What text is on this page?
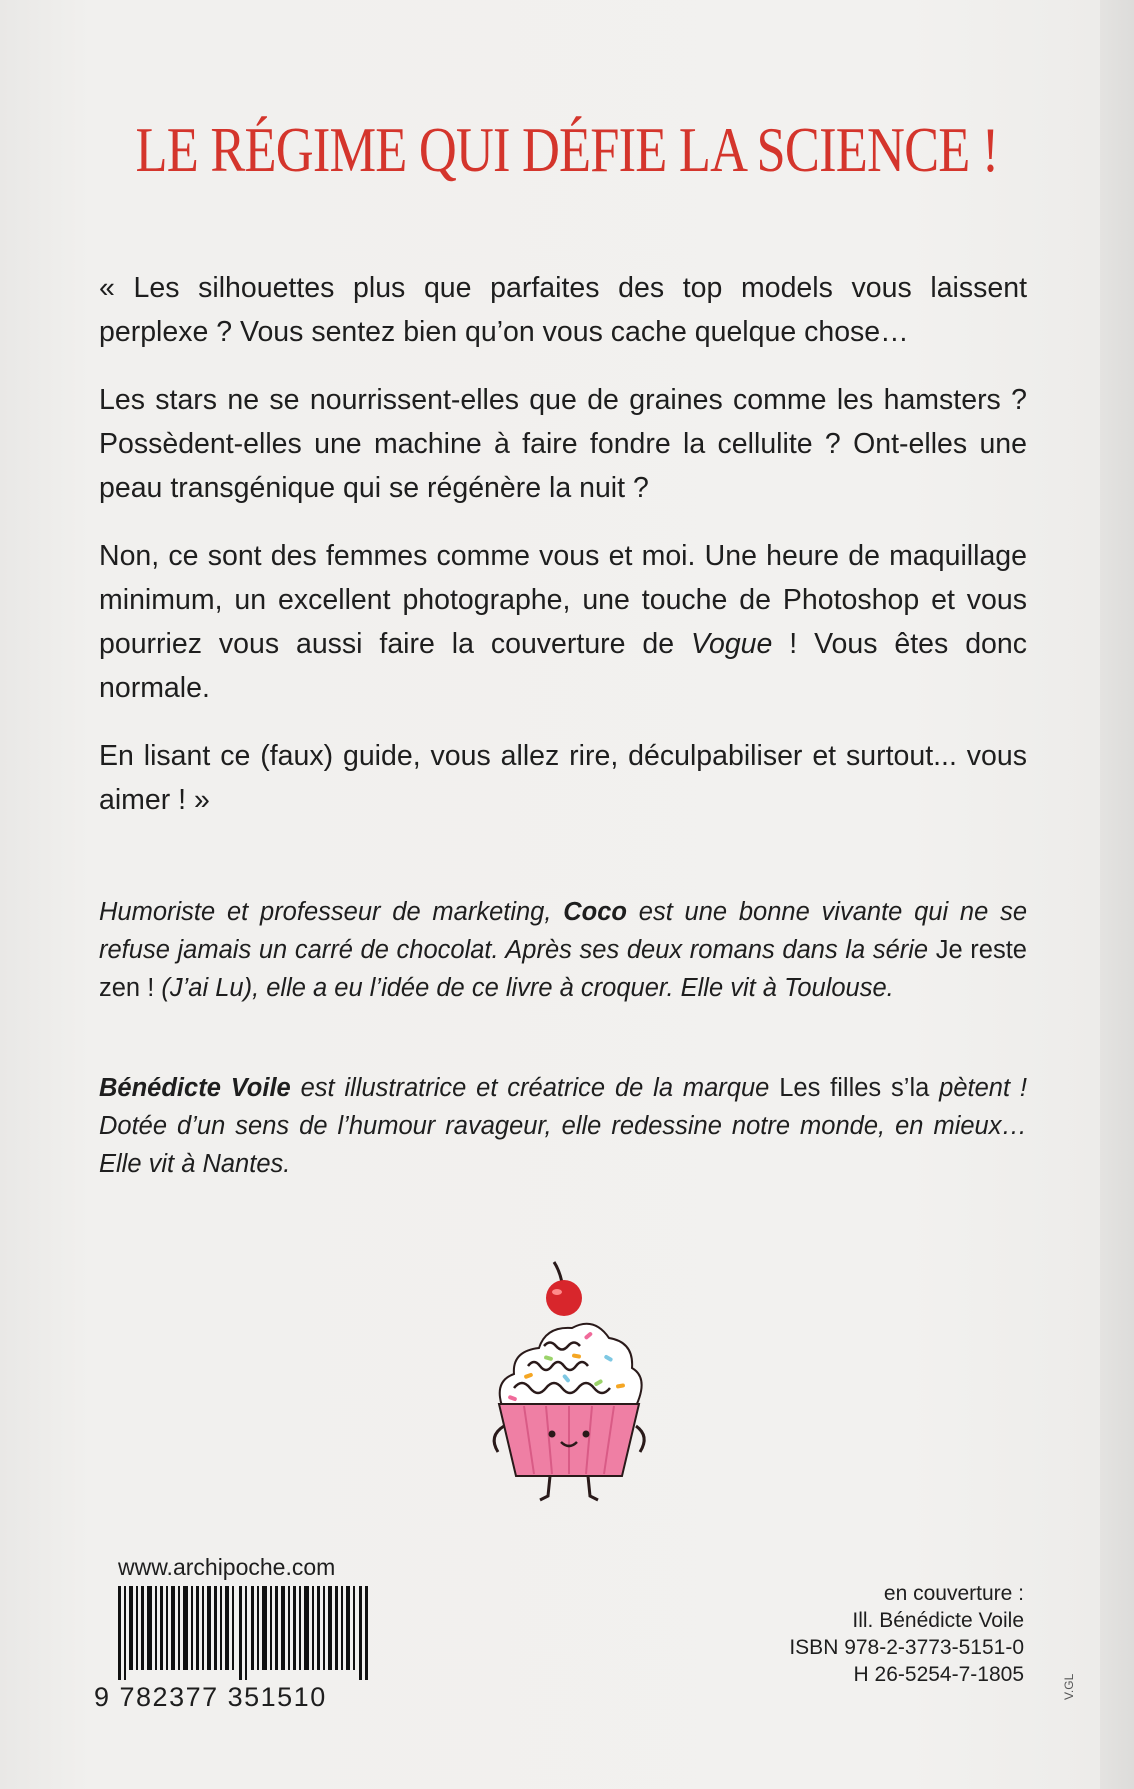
LE RÉGIME QUI DÉFIE LA SCIENCE !

« Les silhouettes plus que parfaites des top models vous laissent perplexe ? Vous sentez bien qu’on vous cache quelque chose…

Les stars ne se nourrissent-elles que de graines comme les hamsters ? Possèdent-elles une machine à faire fondre la cellulite ? Ont-elles une peau transgénique qui se régénère la nuit ?

Non, ce sont des femmes comme vous et moi. Une heure de maquillage minimum, un excellent photographe, une touche de Photoshop et vous pourriez vous aussi faire la couverture de Vogue ! Vous êtes donc normale.

En lisant ce (faux) guide, vous allez rire, déculpabiliser et surtout... vous aimer ! »

Humoriste et professeur de marketing, Coco est une bonne vivante qui ne se refuse jamais un carré de chocolat. Après ses deux romans dans la série Je reste zen ! (J’ai Lu), elle a eu l’idée de ce livre à croquer. Elle vit à Toulouse.

Bénédicte Voile est illustratrice et créatrice de la marque Les filles s’la pètent ! Dotée d’un sens de l’humour ravageur, elle redessine notre monde, en mieux… Elle vit à Nantes.

www.archipoche.com
9 782377 351510
en couverture :
Ill. Bénédicte Voile
ISBN 978-2-3773-5151-0
H 26-5254-7-1805	V.GL
